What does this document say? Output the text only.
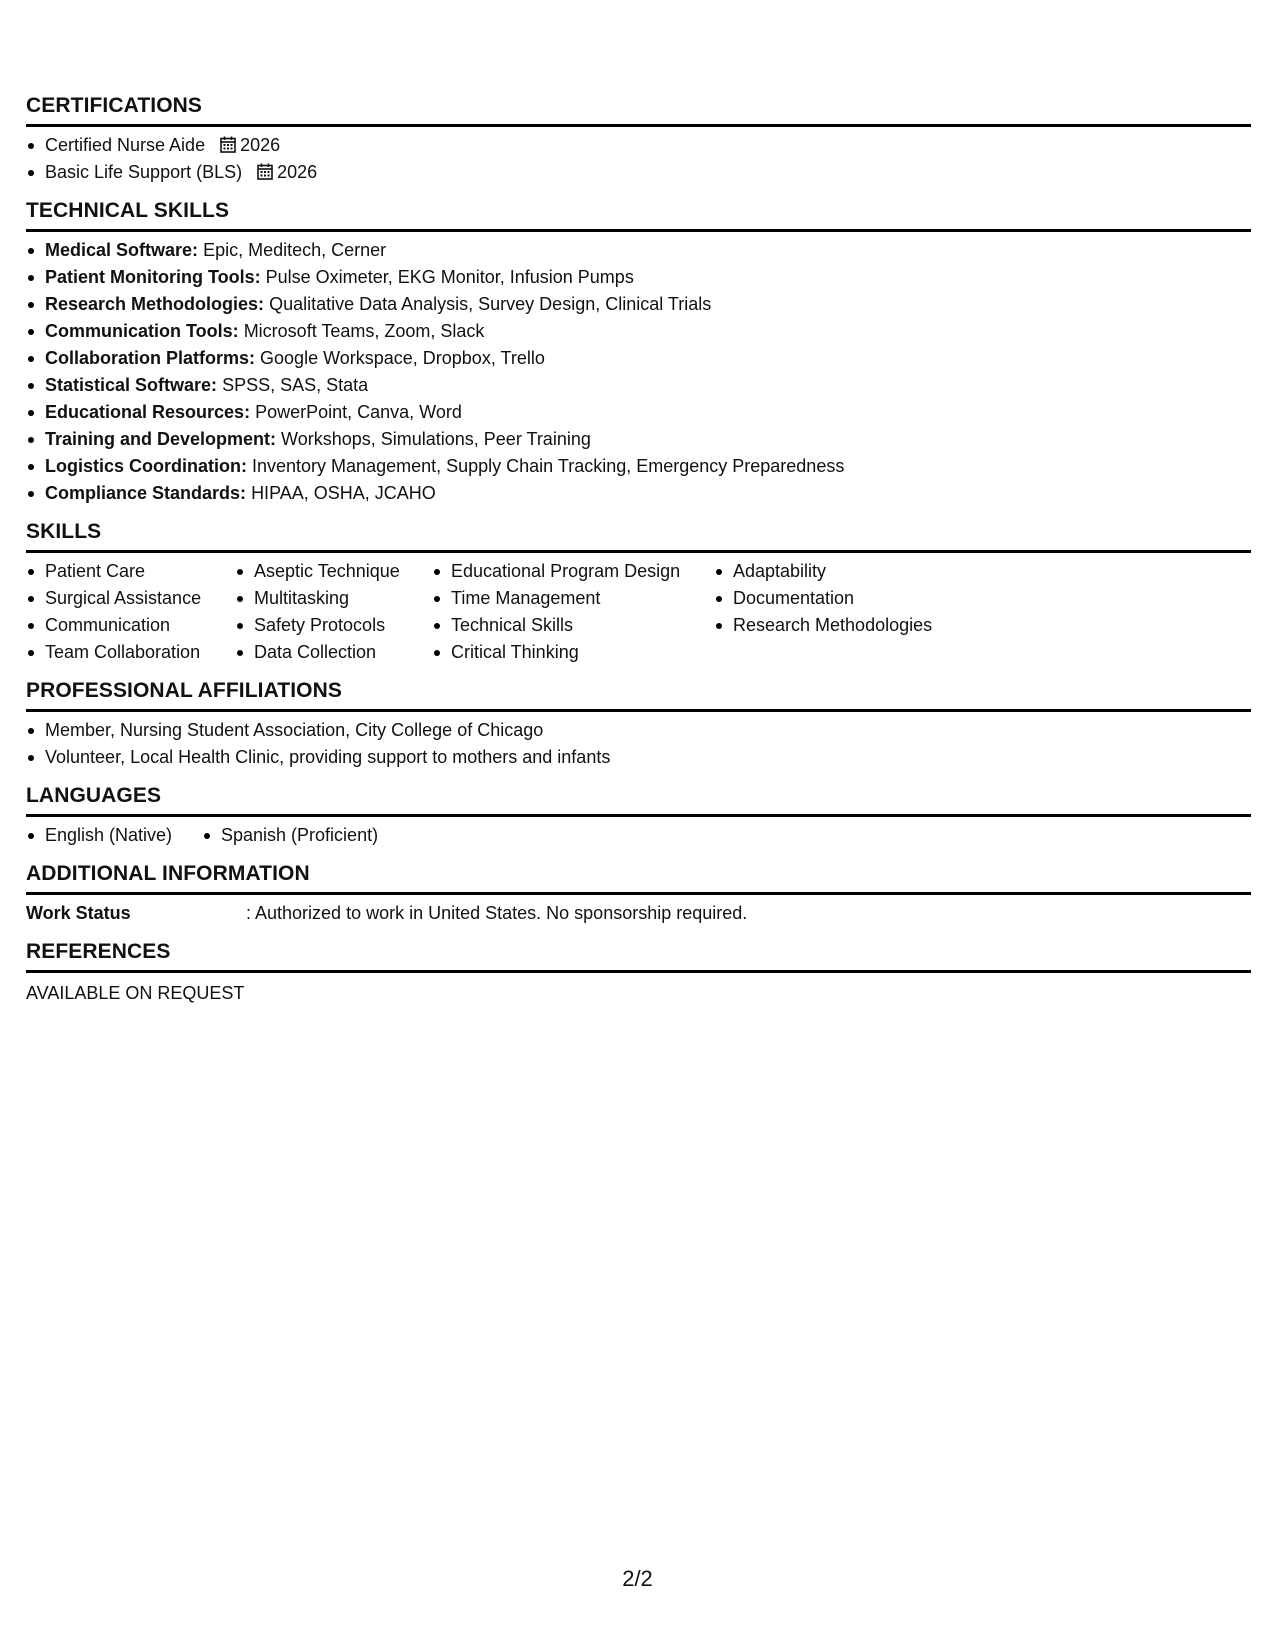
CERTIFICATIONS
Certified Nurse Aide 2026
Basic Life Support (BLS) 2026
TECHNICAL SKILLS
Medical Software: Epic, Meditech, Cerner
Patient Monitoring Tools: Pulse Oximeter, EKG Monitor, Infusion Pumps
Research Methodologies: Qualitative Data Analysis, Survey Design, Clinical Trials
Communication Tools: Microsoft Teams, Zoom, Slack
Collaboration Platforms: Google Workspace, Dropbox, Trello
Statistical Software: SPSS, SAS, Stata
Educational Resources: PowerPoint, Canva, Word
Training and Development: Workshops, Simulations, Peer Training
Logistics Coordination: Inventory Management, Supply Chain Tracking, Emergency Preparedness
Compliance Standards: HIPAA, OSHA, JCAHO
SKILLS
Patient Care
Surgical Assistance
Communication
Team Collaboration
Aseptic Technique
Multitasking
Safety Protocols
Data Collection
Educational Program Design
Time Management
Technical Skills
Critical Thinking
Adaptability
Documentation
Research Methodologies
PROFESSIONAL AFFILIATIONS
Member, Nursing Student Association, City College of Chicago
Volunteer, Local Health Clinic, providing support to mothers and infants
LANGUAGES
English (Native)	Spanish (Proficient)
ADDITIONAL INFORMATION
Work Status	: Authorized to work in United States. No sponsorship required.
REFERENCES
AVAILABLE ON REQUEST
2/2
